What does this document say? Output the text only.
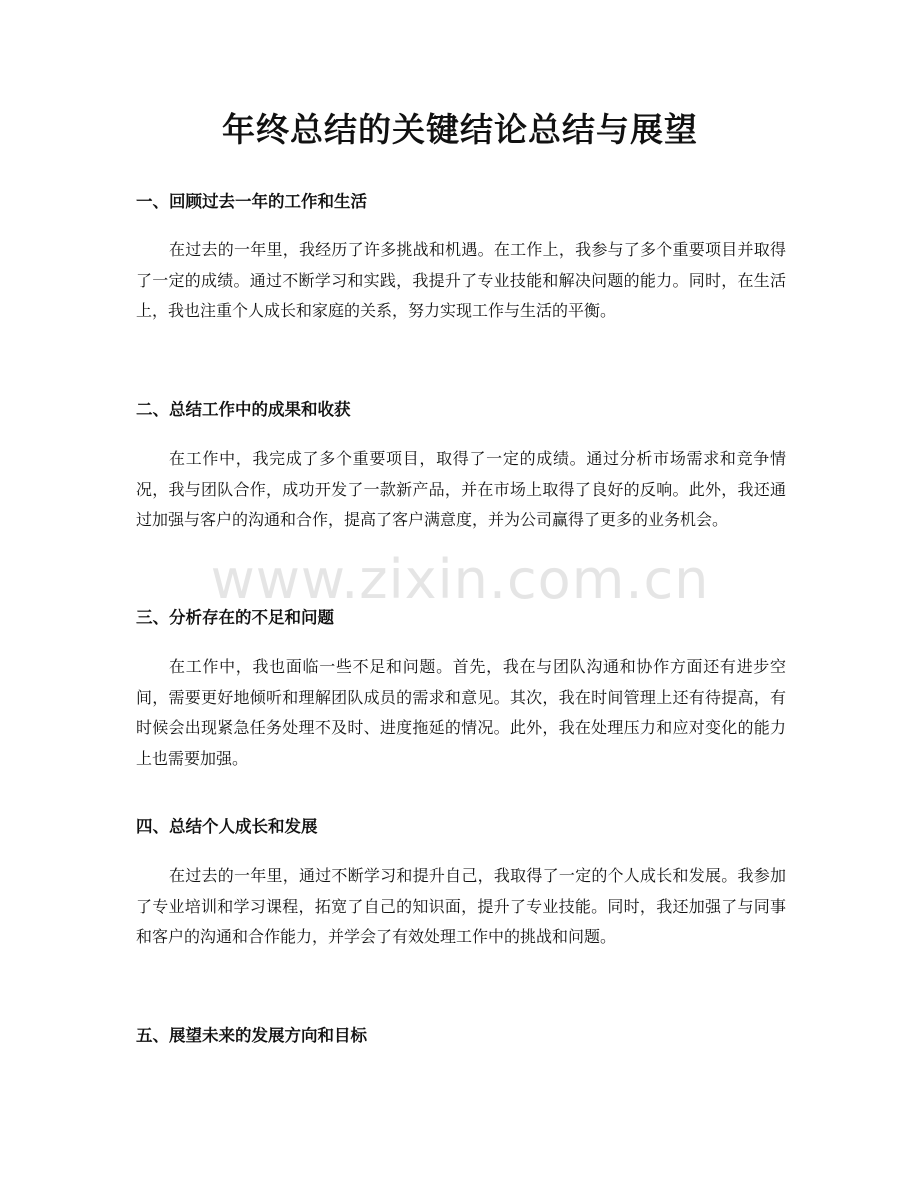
年终总结的关键结论总结与展望
一、回顾过去一年的工作和生活

在过去的一年里，我经历了许多挑战和机遇。在工作上，我参与了多个重要项目并取得了一定的成绩。通过不断学习和实践，我提升了专业技能和解决问题的能力。同时，在生活上，我也注重个人成长和家庭的关系，努力实现工作与生活的平衡。

二、总结工作中的成果和收获

在工作中，我完成了多个重要项目，取得了一定的成绩。通过分析市场需求和竞争情况，我与团队合作，成功开发了一款新产品，并在市场上取得了良好的反响。此外，我还通过加强与客户的沟通和合作，提高了客户满意度，并为公司赢得了更多的业务机会。

三、分析存在的不足和问题

在工作中，我也面临一些不足和问题。首先，我在与团队沟通和协作方面还有进步空间，需要更好地倾听和理解团队成员的需求和意见。其次，我在时间管理上还有待提高，有时候会出现紧急任务处理不及时、进度拖延的情况。此外，我在处理压力和应对变化的能力上也需要加强。

四、总结个人成长和发展

在过去的一年里，通过不断学习和提升自己，我取得了一定的个人成长和发展。我参加了专业培训和学习课程，拓宽了自己的知识面，提升了专业技能。同时，我还加强了与同事和客户的沟通和合作能力，并学会了有效处理工作中的挑战和问题。

五、展望未来的发展方向和目标
www.zixin.com.cn
